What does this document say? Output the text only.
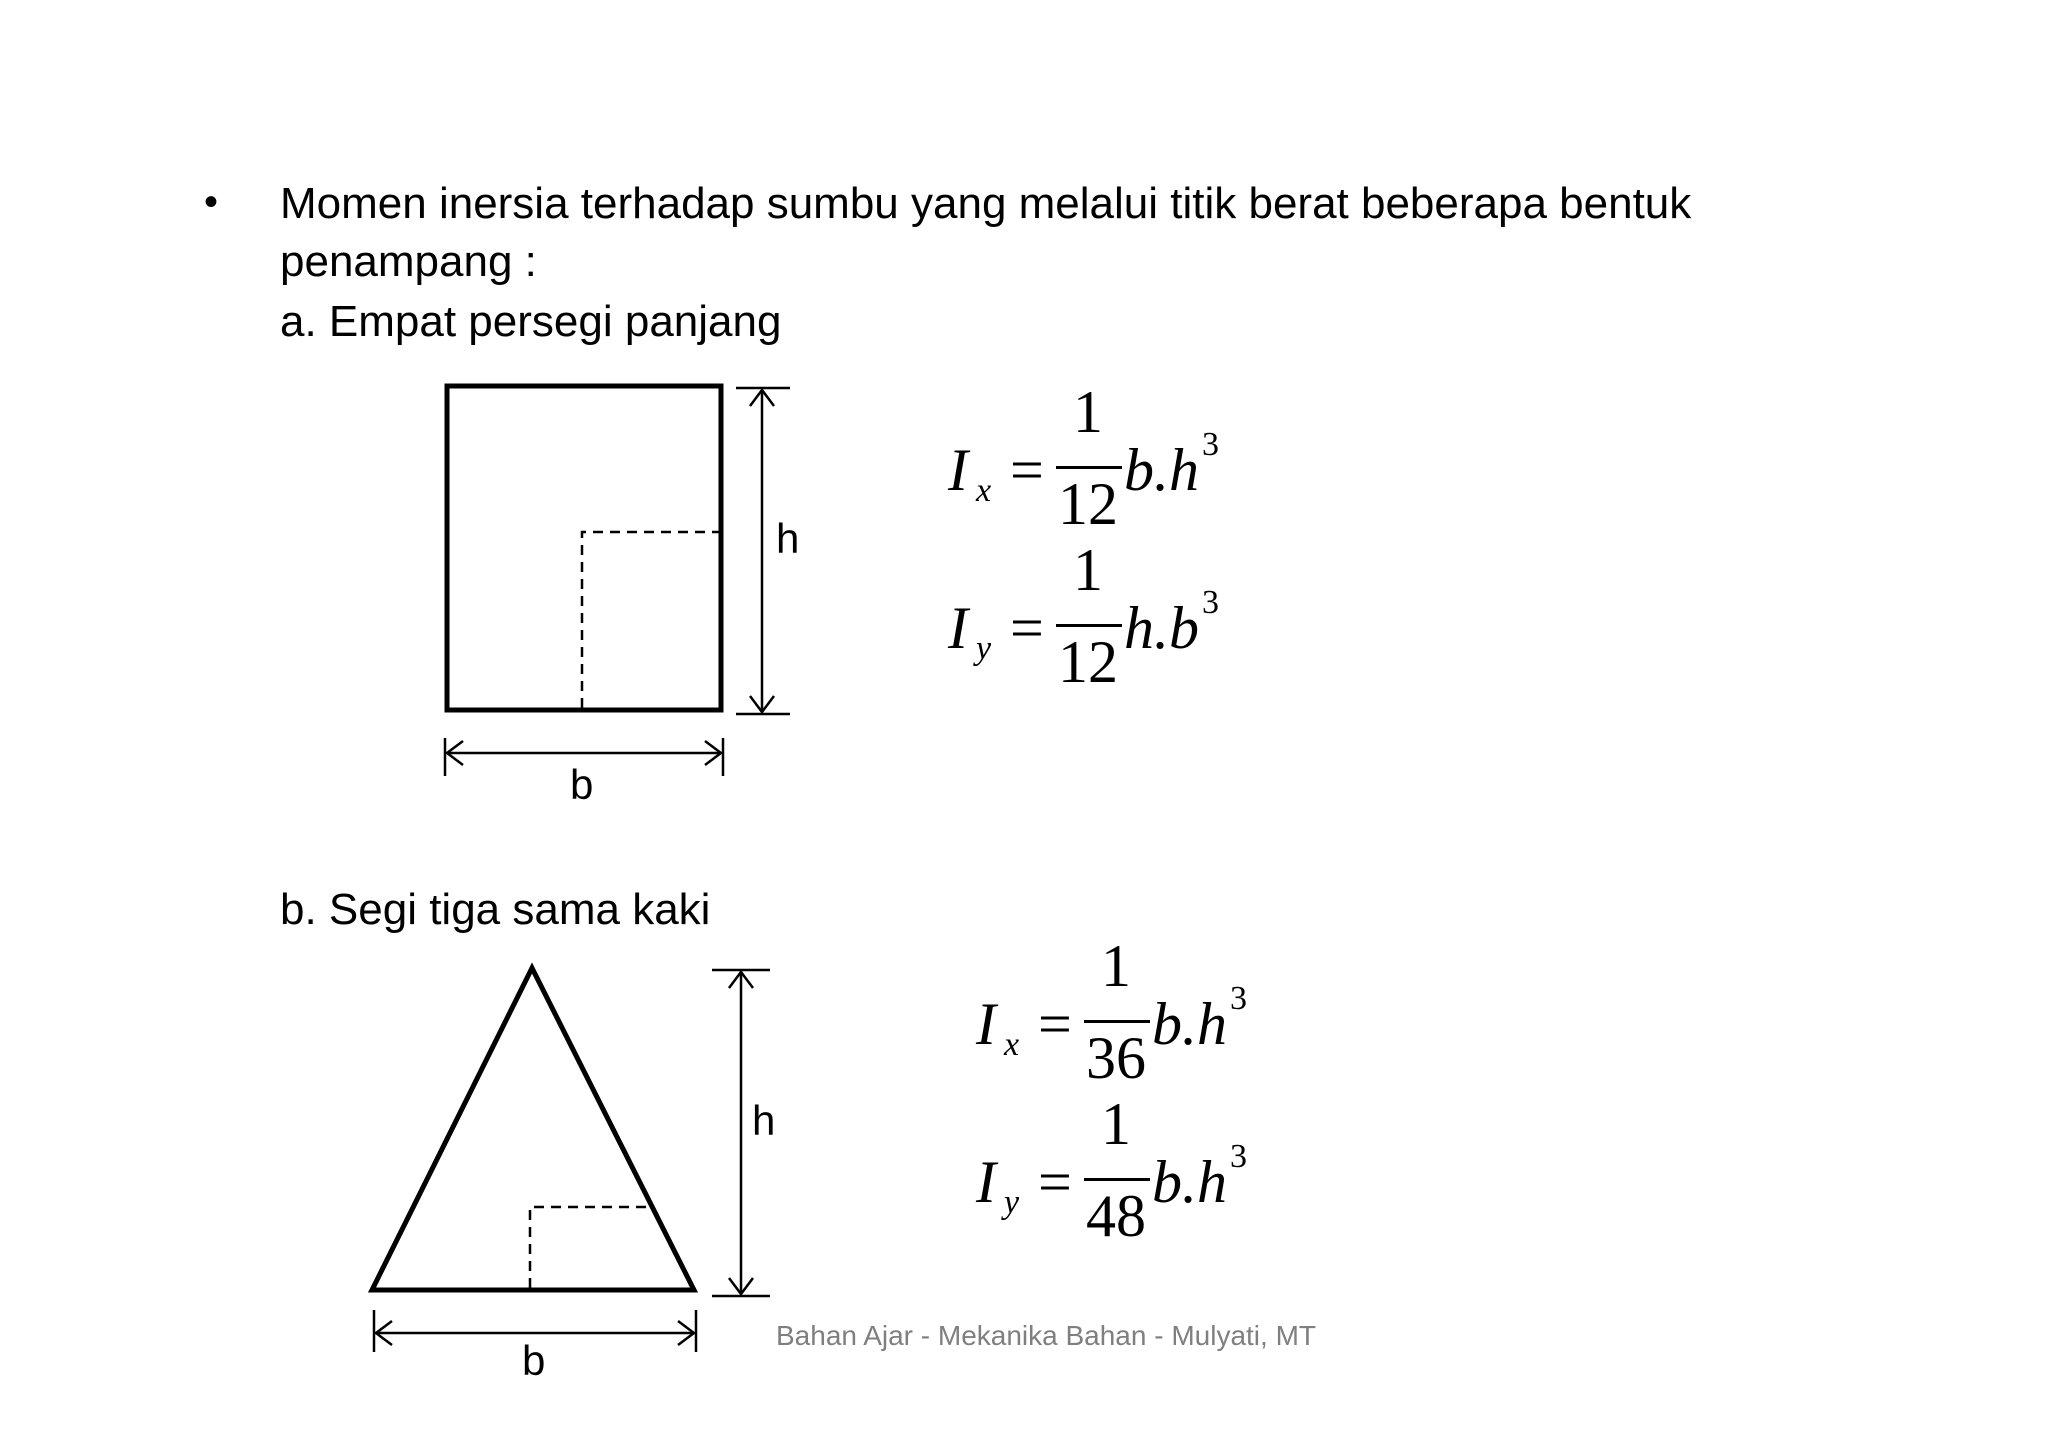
• Momen inersia terhadap sumbu yang melalui titik berat beberapa bentuk
penampang :
a. Empat persegi panjang
b. Segi tiga sama kaki
h
b
h
b
I x =
1
12
b.h 3
I y =
1
12
h.b 3
I x =
1
36
b.h 3
I y =
1
48
b.h 3
Bahan Ajar - Mekanika Bahan - Mulyati, MT
